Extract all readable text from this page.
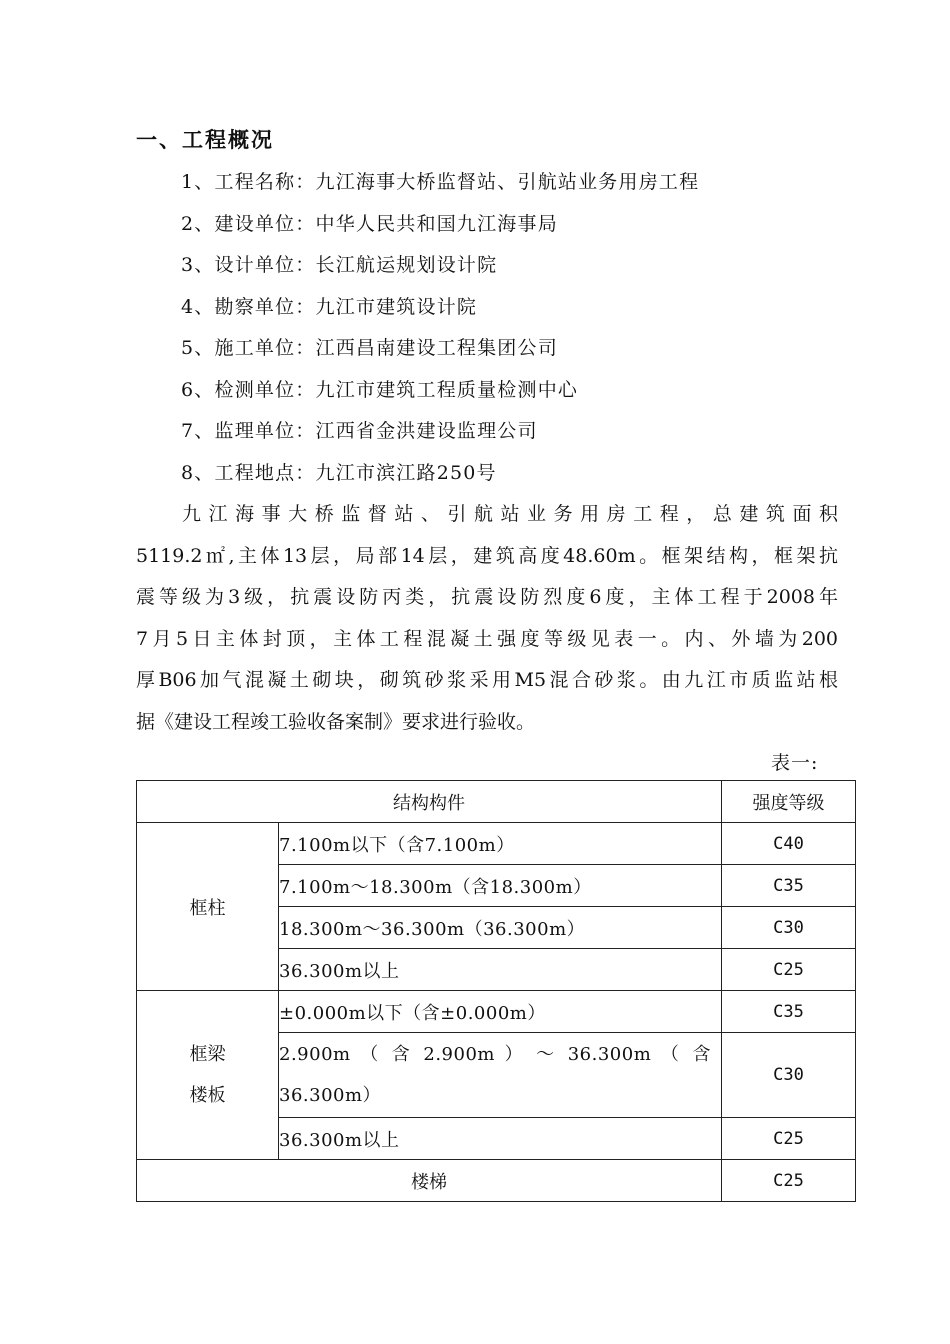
一、工程概况
1、工程名称：九江海事大桥监督站、引航站业务用房工程
2、建设单位：中华人民共和国九江海事局
3、设计单位：长江航运规划设计院
4、勘察单位：九江市建筑设计院
5、施工单位：江西昌南建设工程集团公司
6、检测单位：九江市建筑工程质量检测中心
7、监理单位：江西省金洪建设监理公司
8、工程地点：九江市滨江路250号
九江海事大桥监督站、引航站业务用房工程，总建筑面积
5119.2㎡,主体13层，局部14层，建筑高度48.60m。框架结构，框架抗
震等级为3级，抗震设防丙类，抗震设防烈度6度，主体工程于2008年
7月5日主体封顶，主体工程混凝土强度等级见表一。内、外墙为200
厚B06加气混凝土砌块，砌筑砂浆采用M5混合砂浆。由九江市质监站根
据《建设工程竣工验收备案制》要求进行验收。
表一:
结构构件		强度等级
框柱	7.100m以下（含7.100m）	C40
	7.100m～18.300m（含18.300m）	C35
	18.300m～36.300m（36.300m）	C30
	36.300m以上	C25

框梁
楼板	±0.000m以下（含±0.000m）	C35
	2.900m （ 含 2.900m ） ～ 36.300m （ 含 36.300m）	C30
	36.300m以上	C25
楼梯		C25
